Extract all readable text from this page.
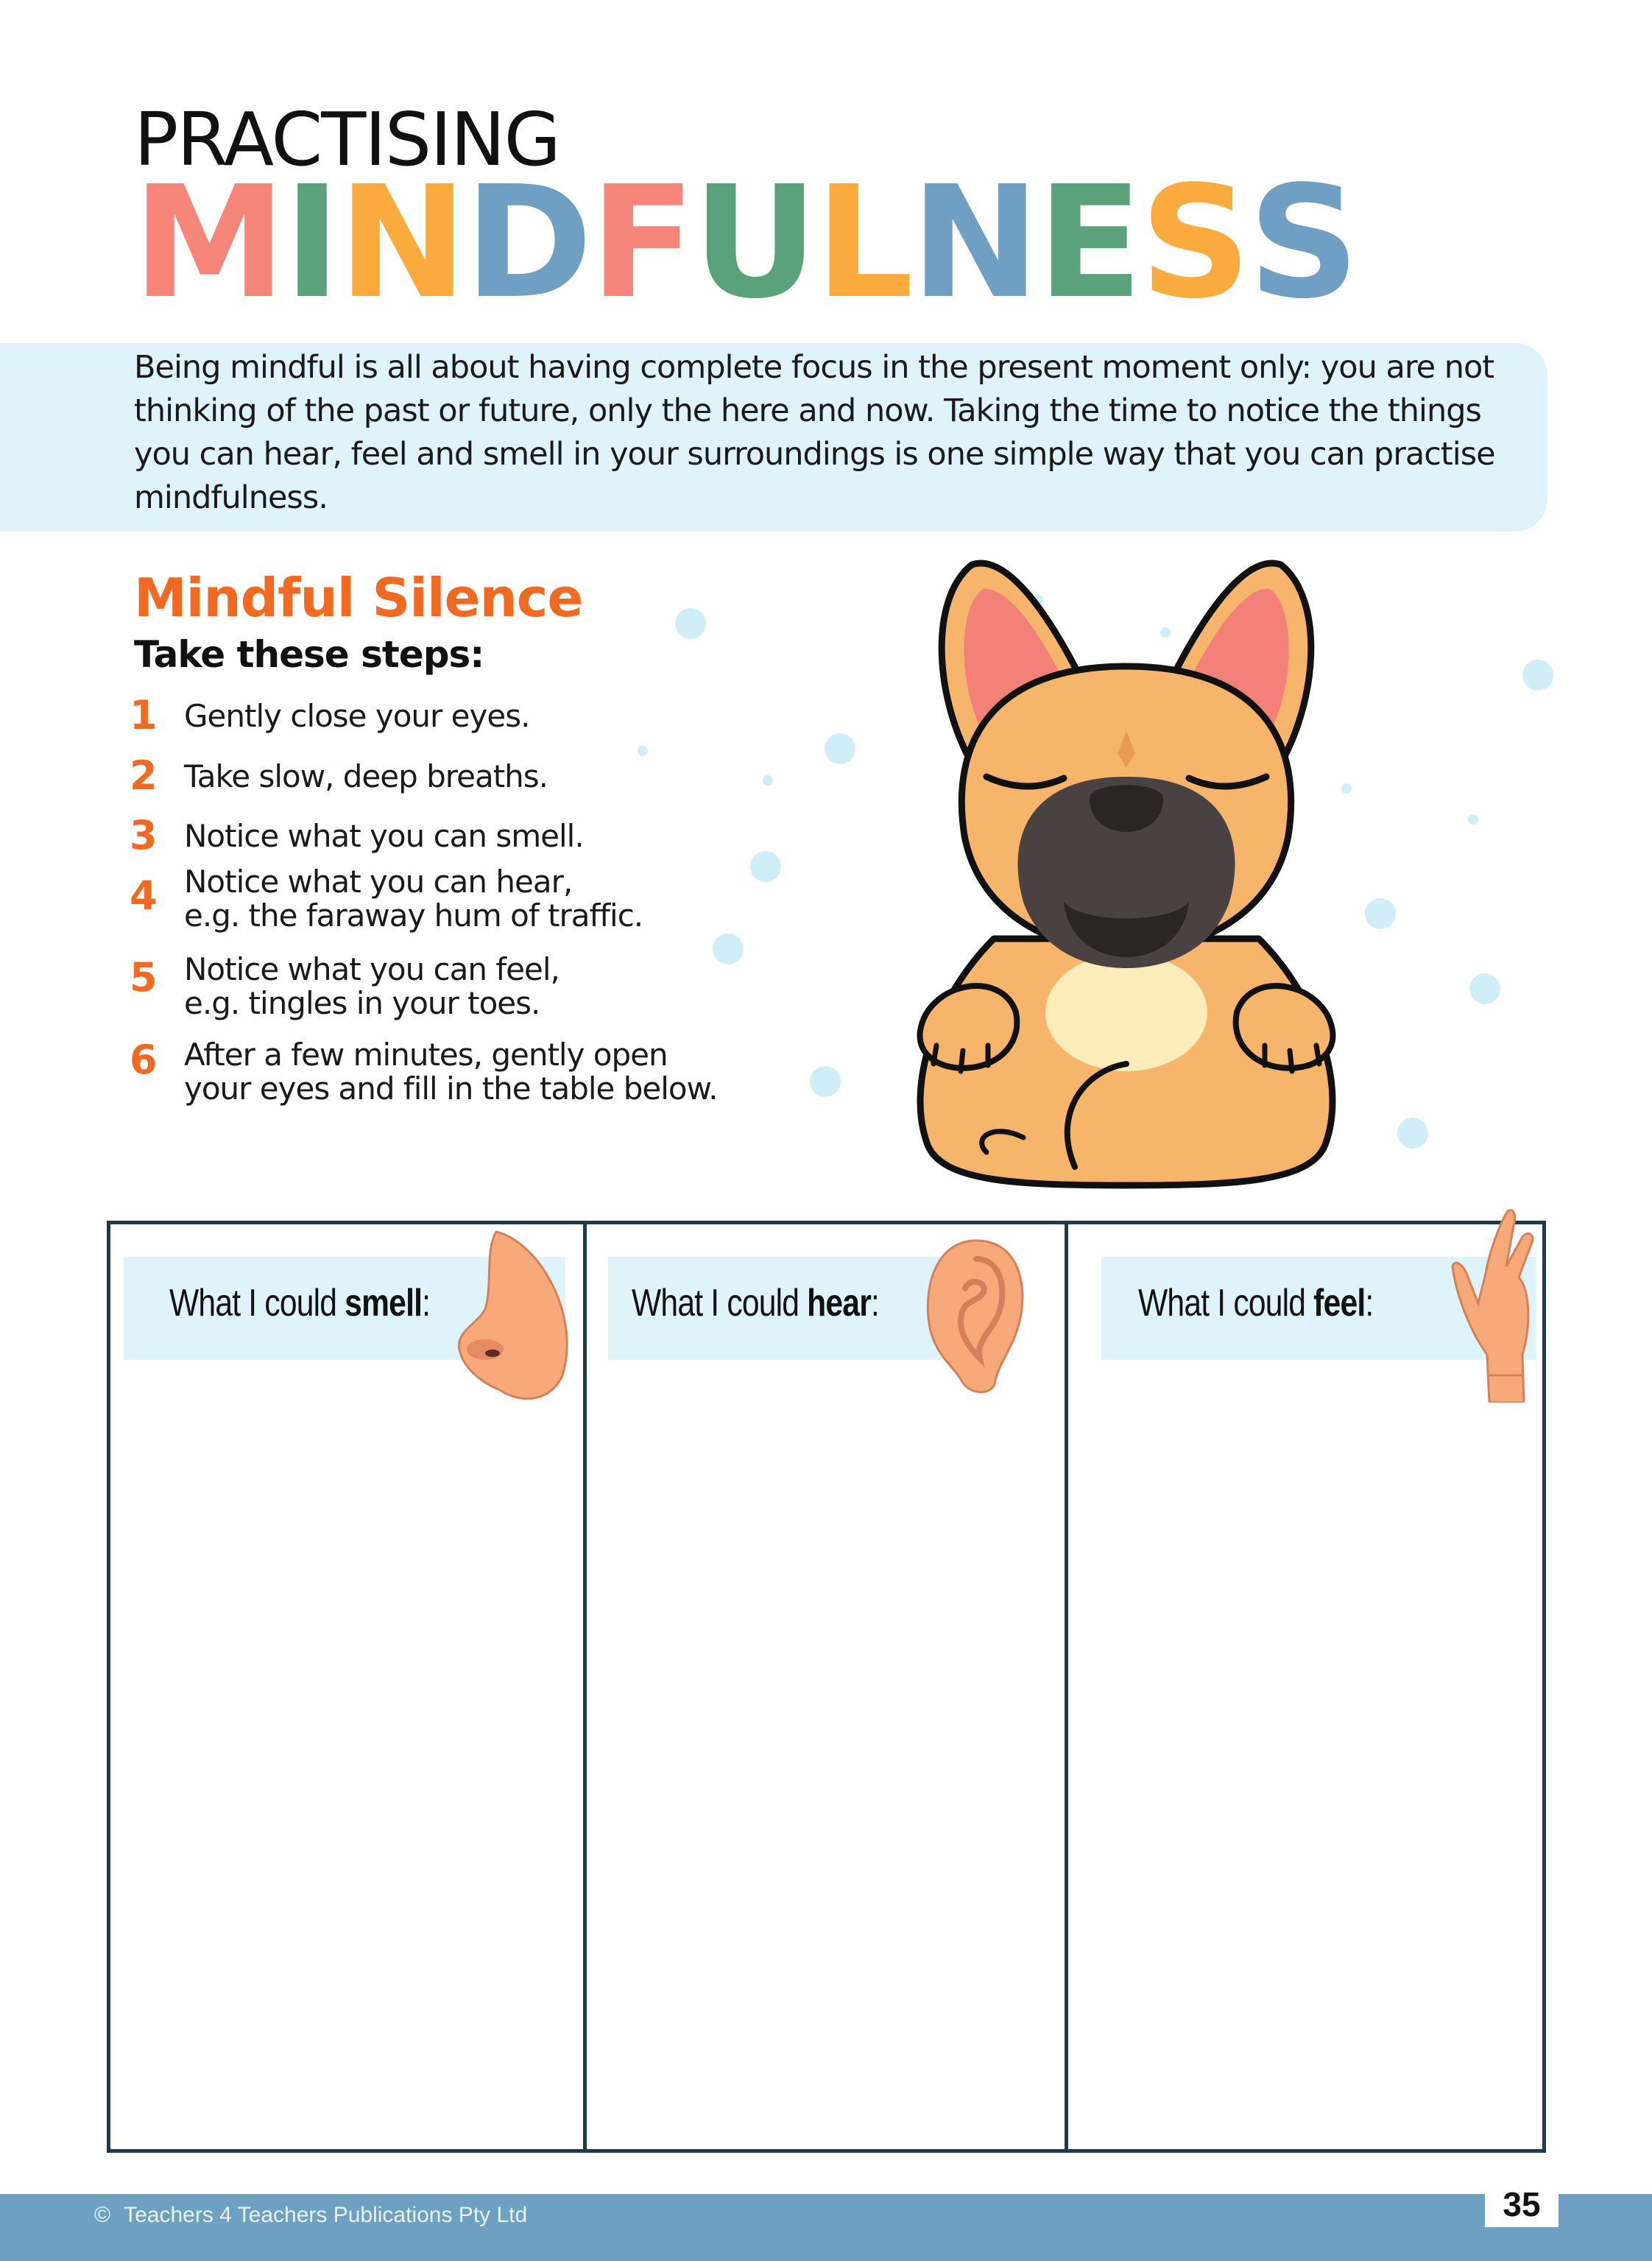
PRACTISING
M I N D F U L N E S S
Being mindful is all about having complete focus in the present moment only: you are not thinking of the past or future, only the here and now. Taking the time to notice the things you can hear, feel and smell in your surroundings is one simple way that you can practise mindfulness.
Mindful Silence
Take these steps:
1 Gently close your eyes.
2 Take slow, deep breaths.
3 Notice what you can smell.
4 Notice what you can hear,
e.g. the faraway hum of traffic.
5 Notice what you can feel,
e.g. tingles in your toes.
6 After a few minutes, gently open
your eyes and fill in the table below.
What I could smell:	What I could hear:	What I could feel:
© Teachers 4 Teachers Publications Pty Ltd	35
